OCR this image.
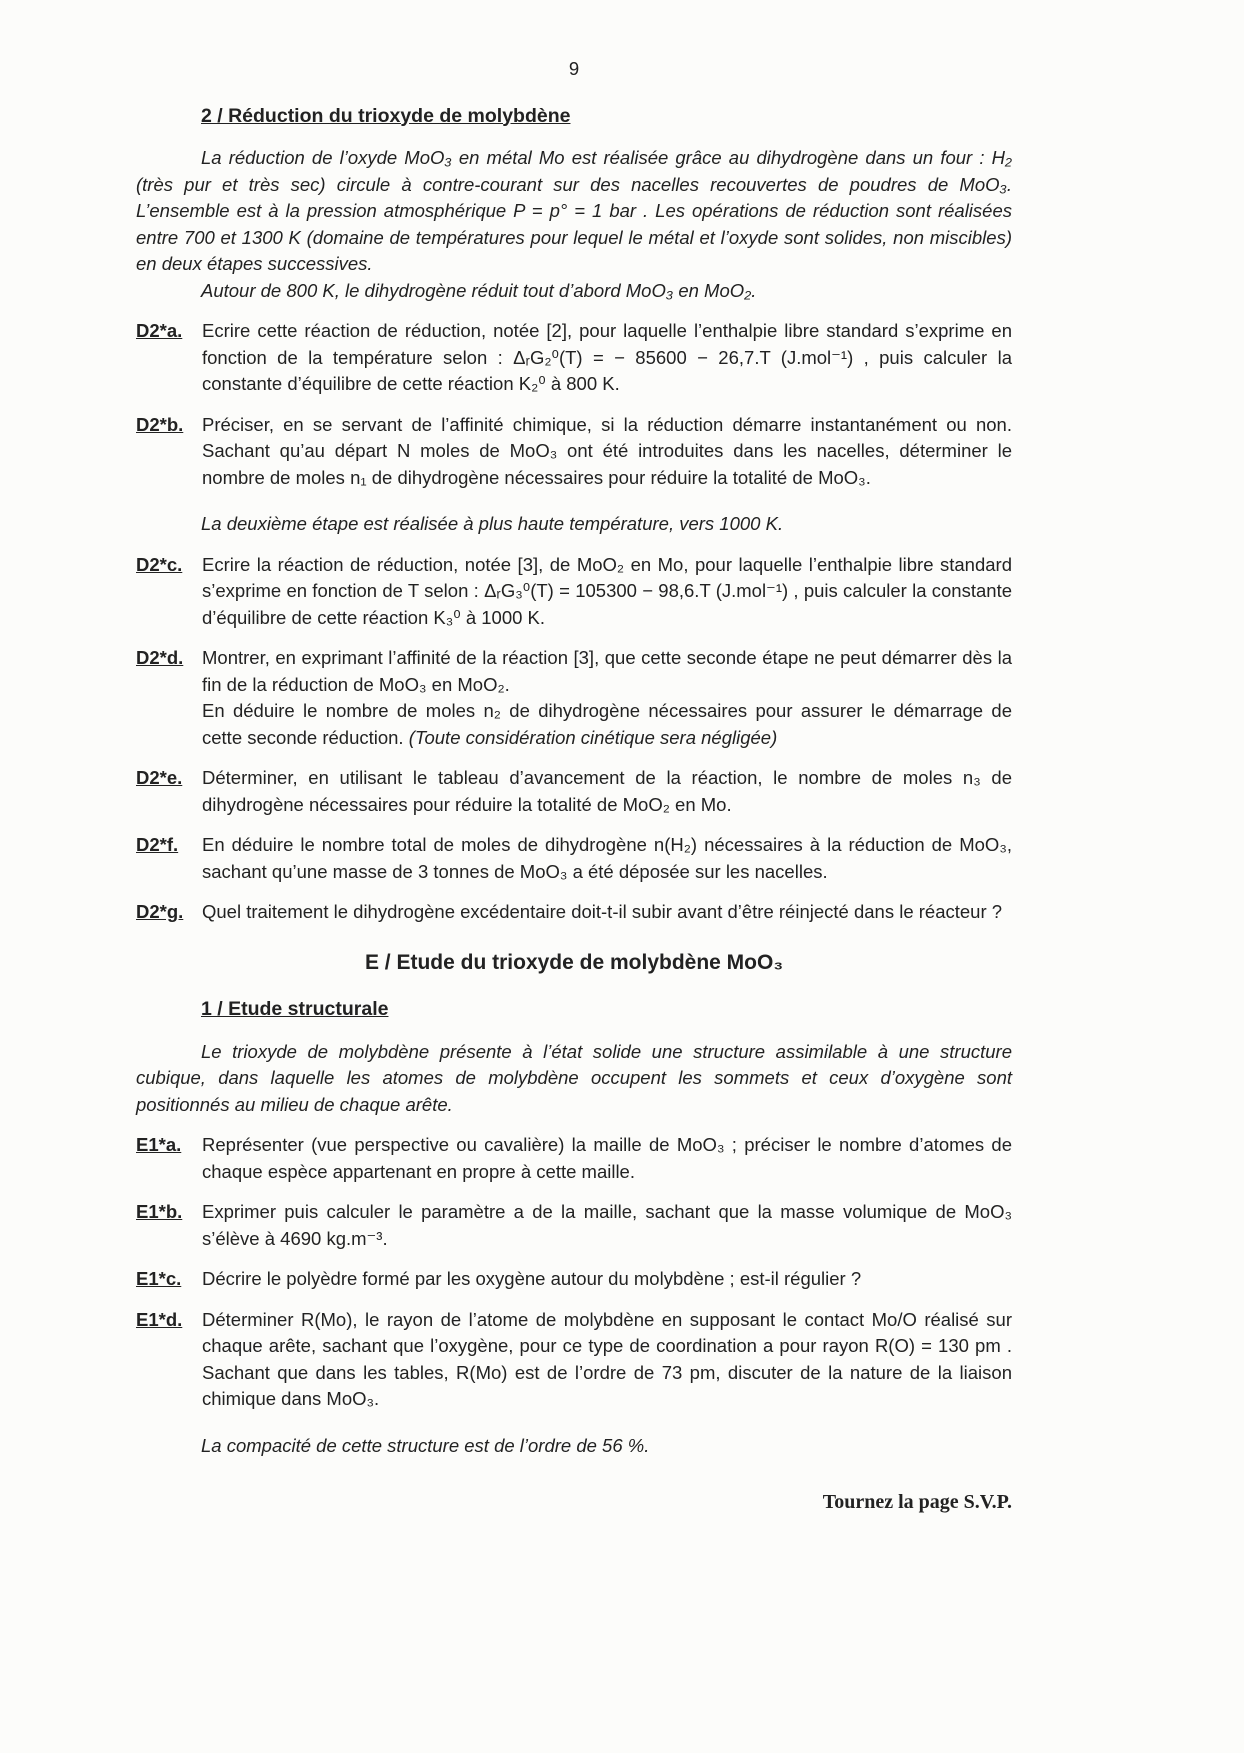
9
2 / Réduction du trioxyde de molybdène

La réduction de l’oxyde MoO₃ en métal Mo est réalisée grâce au dihydrogène dans un four : H₂ (très pur et très sec) circule à contre-courant sur des nacelles recouvertes de poudres de MoO₃. L’ensemble est à la pression atmosphérique P = p° = 1 bar . Les opérations de réduction sont réalisées entre 700 et 1300 K (domaine de températures pour lequel le métal et l’oxyde sont solides, non miscibles) en deux étapes successives.

Autour de 800 K, le dihydrogène réduit tout d’abord MoO₃ en MoO₂.

D2*a.	Ecrire cette réaction de réduction, notée [2], pour laquelle l’enthalpie libre standard s’exprime en fonction de la température selon : ΔᵣG₂⁰(T) = − 85600 − 26,7.T (J.mol⁻¹) , puis calculer la constante d’équilibre de cette réaction K₂⁰ à 800 K.
D2*b.	Préciser, en se servant de l’affinité chimique, si la réduction démarre instantanément ou non. Sachant qu’au départ N moles de MoO₃ ont été introduites dans les nacelles, déterminer le nombre de moles n₁ de dihydrogène nécessaires pour réduire la totalité de MoO₃.

La deuxième étape est réalisée à plus haute température, vers 1000 K.

D2*c.	Ecrire la réaction de réduction, notée [3], de MoO₂ en Mo, pour laquelle l’enthalpie libre standard s’exprime en fonction de T selon : ΔᵣG₃⁰(T) = 105300 − 98,6.T (J.mol⁻¹) , puis calculer la constante d’équilibre de cette réaction K₃⁰ à 1000 K.
D2*d.	Montrer, en exprimant l’affinité de la réaction [3], que cette seconde étape ne peut démarrer dès la fin de la réduction de MoO₃ en MoO₂.
En déduire le nombre de moles n₂ de dihydrogène nécessaires pour assurer le démarrage de cette seconde réduction. (Toute considération cinétique sera négligée)
D2*e.	Déterminer, en utilisant le tableau d’avancement de la réaction, le nombre de moles n₃ de dihydrogène nécessaires pour réduire la totalité de MoO₂ en Mo.
D2*f.	En déduire le nombre total de moles de dihydrogène n(H₂) nécessaires à la réduction de MoO₃, sachant qu’une masse de 3 tonnes de MoO₃ a été déposée sur les nacelles.
D2*g.	Quel traitement le dihydrogène excédentaire doit-t-il subir avant d’être réinjecté dans le réacteur ?
E / Etude du trioxyde de molybdène MoO₃
1 / Etude structurale

Le trioxyde de molybdène présente à l’état solide une structure assimilable à une structure cubique, dans laquelle les atomes de molybdène occupent les sommets et ceux d’oxygène sont positionnés au milieu de chaque arête.

E1*a.	Représenter (vue perspective ou cavalière) la maille de MoO₃ ; préciser le nombre d’atomes de chaque espèce appartenant en propre à cette maille.
E1*b.	Exprimer puis calculer le paramètre a de la maille, sachant que la masse volumique de MoO₃ s’élève à 4690 kg.m⁻³.
E1*c.	Décrire le polyèdre formé par les oxygène autour du molybdène ; est-il régulier ?
E1*d.	Déterminer R(Mo), le rayon de l’atome de molybdène en supposant le contact Mo/O réalisé sur chaque arête, sachant que l’oxygène, pour ce type de coordination a pour rayon R(O) = 130 pm . Sachant que dans les tables, R(Mo) est de l’ordre de 73 pm, discuter de la nature de la liaison chimique dans MoO₃.

La compacité de cette structure est de l’ordre de 56 %.

Tournez la page S.V.P.
